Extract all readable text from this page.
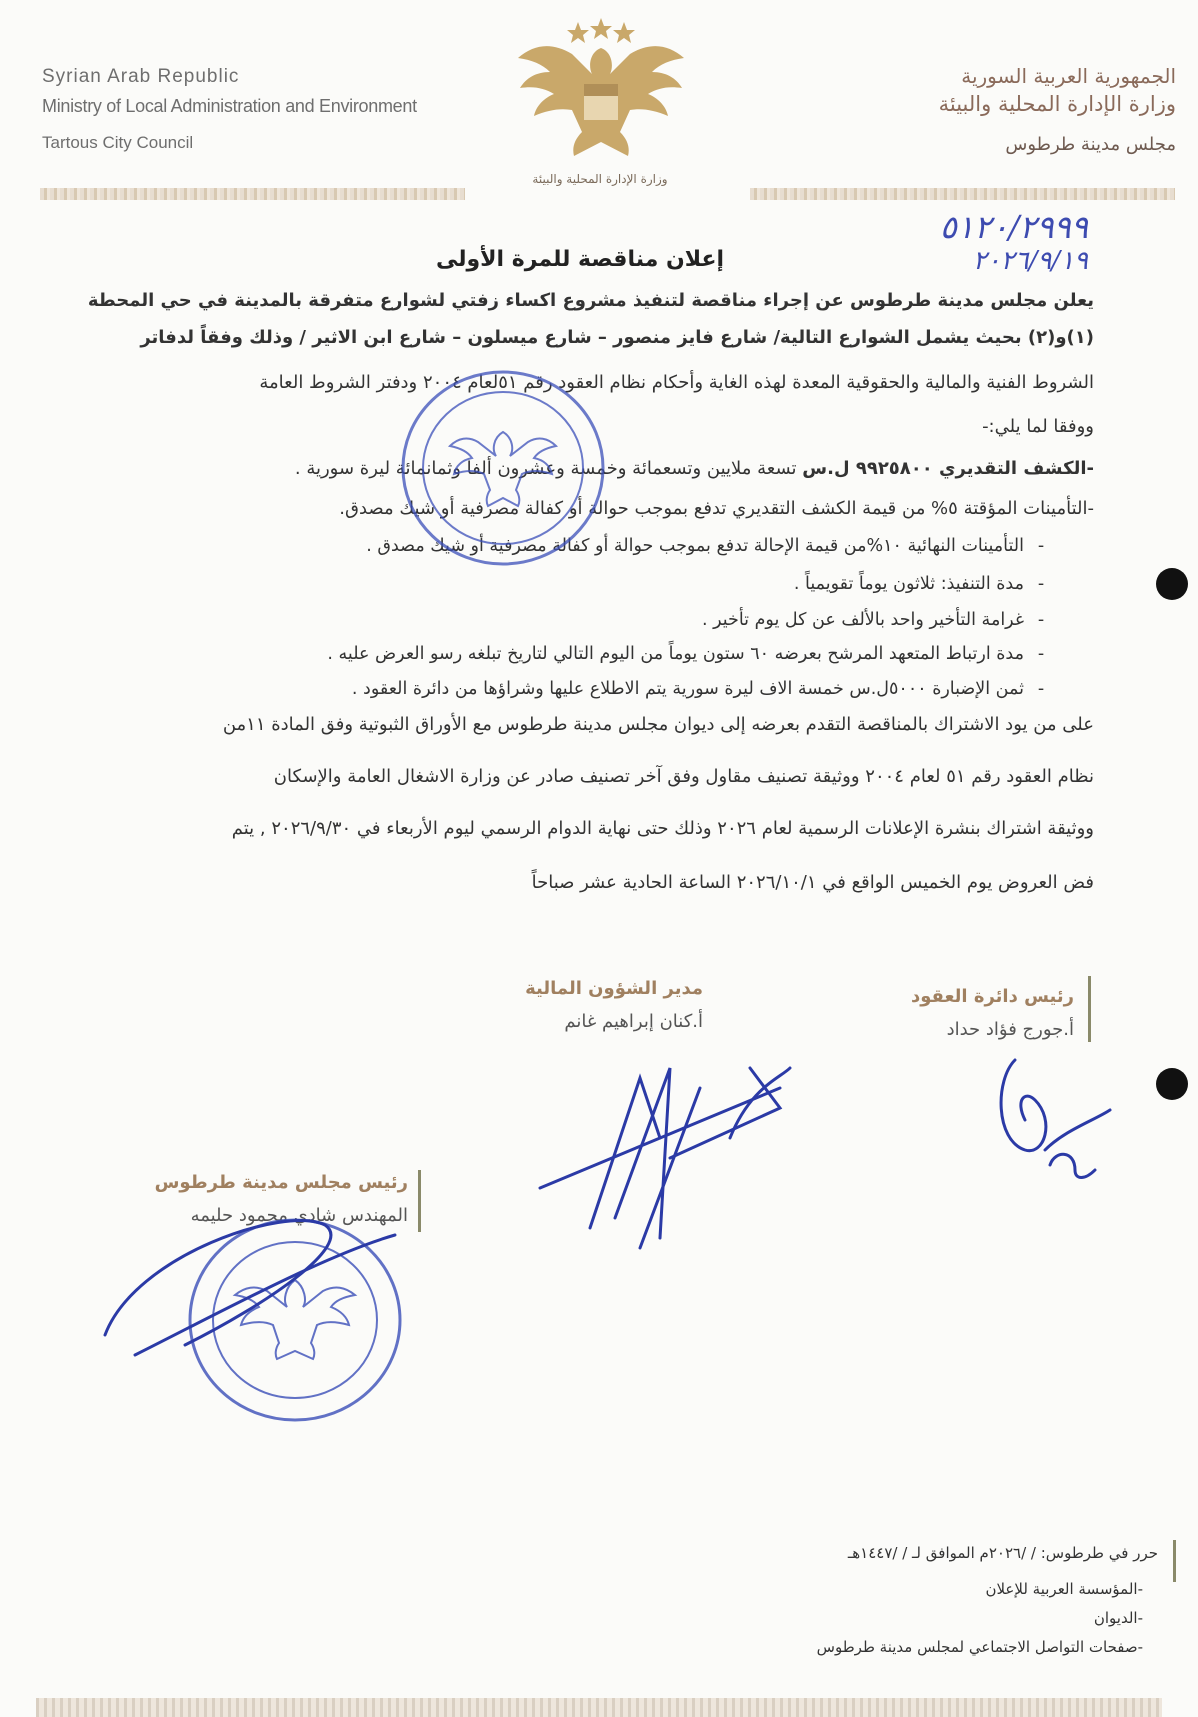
Syrian Arab Republic
Ministry of Local Administration and Environment
Tartous City Council
الجمهورية العربية السورية
وزارة الإدارة المحلية والبيئة
مجلس مدينة طرطوس
وزارة الإدارة المحلية والبيئة
٥١٢٠/٢٩٩٩
٢٠٢٦/٩/١٩
إعلان مناقصة للمرة الأولى
يعلن مجلس مدينة طرطوس عن إجراء مناقصة لتنفيذ مشروع اكساء زفتي لشوارع متفرقة بالمدينة في حي المحطة
(١)و(٢) بحيث يشمل الشوارع التالية/ شارع فايز منصور – شارع ميسلون – شارع ابن الاثير / وذلك وفقاً لدفاتر
الشروط الفنية والمالية والحقوقية المعدة لهذه الغاية وأحكام نظام العقود رقم ٥١لعام ٢٠٠٤ ودفتر الشروط العامة
ووفقا لما يلي:-
-الكشف التقديري ٩٩٢٥٨٠٠ ل.س تسعة ملايين وتسعمائة وخمسة وعشرون ألفا وثمانمائة ليرة سورية .
-التأمينات المؤقتة ٥% من قيمة الكشف التقديري تدفع بموجب حوالة أو كفالة مصرفية أو شيك مصدق.
-التأمينات النهائية ١٠%من قيمة الإحالة تدفع بموجب حوالة أو كفالة مصرفية أو شيك مصدق .
-مدة التنفيذ: ثلاثون يوماً تقويمياً .
-غرامة التأخير واحد بالألف عن كل يوم تأخير .
-مدة ارتباط المتعهد المرشح بعرضه ٦٠ ستون يوماً من اليوم التالي لتاريخ تبلغه رسو العرض عليه .
-ثمن الإضبارة ٥٠٠٠ل.س خمسة الاف ليرة سورية يتم الاطلاع عليها وشراؤها من دائرة العقود .
على من يود الاشتراك بالمناقصة التقدم بعرضه إلى ديوان مجلس مدينة طرطوس مع الأوراق الثبوتية وفق المادة ١١من
نظام العقود رقم ٥١ لعام ٢٠٠٤ ووثيقة تصنيف مقاول وفق آخر تصنيف صادر عن وزارة الاشغال العامة والإسكان
ووثيقة اشتراك بنشرة الإعلانات الرسمية لعام ٢٠٢٦ وذلك حتى نهاية الدوام الرسمي ليوم الأربعاء في ٢٠٢٦/٩/٣٠ , يتم
فض العروض يوم الخميس الواقع في ٢٠٢٦/١٠/١ الساعة الحادية عشر صباحاً
مدير الشؤون المالية
أ.كنان إبراهيم غانم
رئيس دائرة العقود
أ.جورج فؤاد حداد
رئيس مجلس مدينة طرطوس
المهندس شادي محمود حليمه
حرر في طرطوس: / /٢٠٢٦م الموافق لـ / /١٤٤٧هـ
-المؤسسة العربية للإعلان
-الديوان
-صفحات التواصل الاجتماعي لمجلس مدينة طرطوس
